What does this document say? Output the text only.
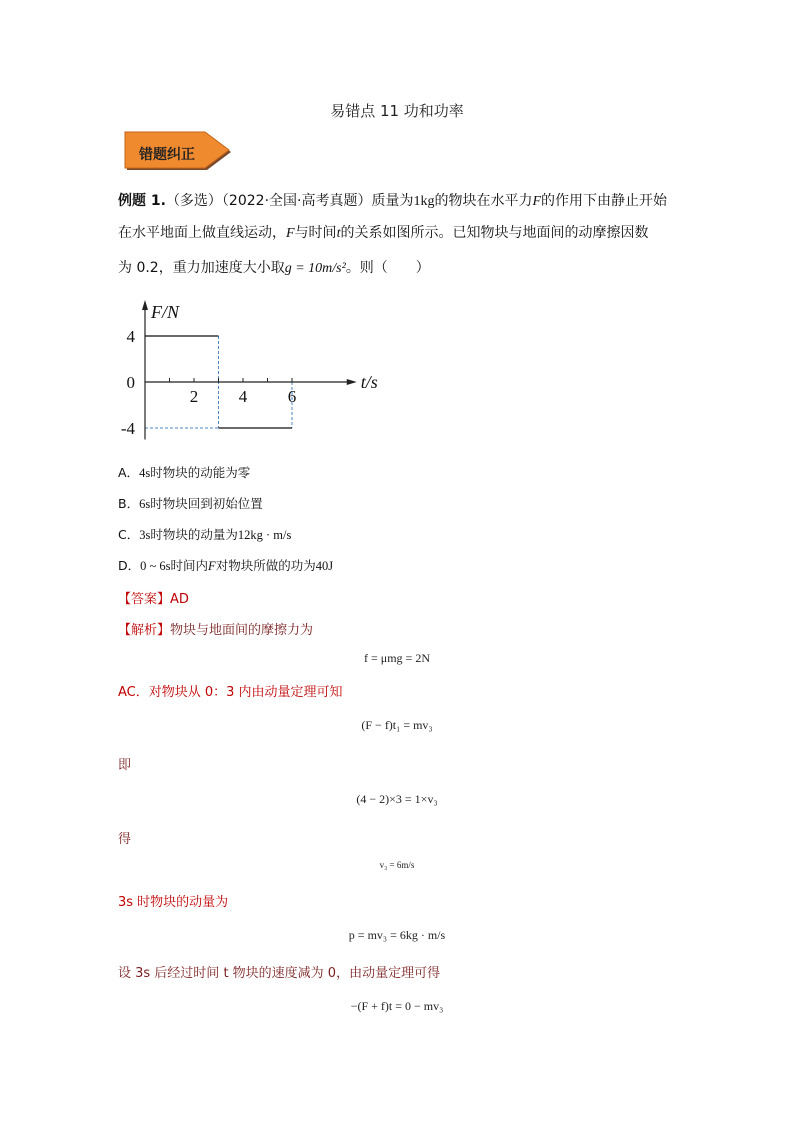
易错点 11 功和功率
错题纠正
例题 1.（多选）（2022·全国·高考真题）质量为1kg的物块在水平力F的作用下由静止开始
在水平地面上做直线运动，F与时间t的关系如图所示。已知物块与地面间的动摩擦因数
为 0.2，重力加速度大小取g = 10m/s²。则（　　）
4
0
-4
2 4 6
F/N
t/s
A．4s时物块的动能为零
B．6s时物块回到初始位置
C．3s时物块的动量为12kg · m/s
D．0 ~ 6s时间内F对物块所做的功为40J
【答案】AD
【解析】物块与地面间的摩擦力为
f = μmg = 2N
AC．对物块从 0：3 内由动量定理可知
(F − f)t₁ = mv₃
即
(4 − 2)×3 = 1×v₃
得
v₃ = 6m/s
3s 时物块的动量为
p = mv₃ = 6kg · m/s
设 3s 后经过时间 t 物块的速度减为 0，由动量定理可得
−(F + f)t = 0 − mv₃
